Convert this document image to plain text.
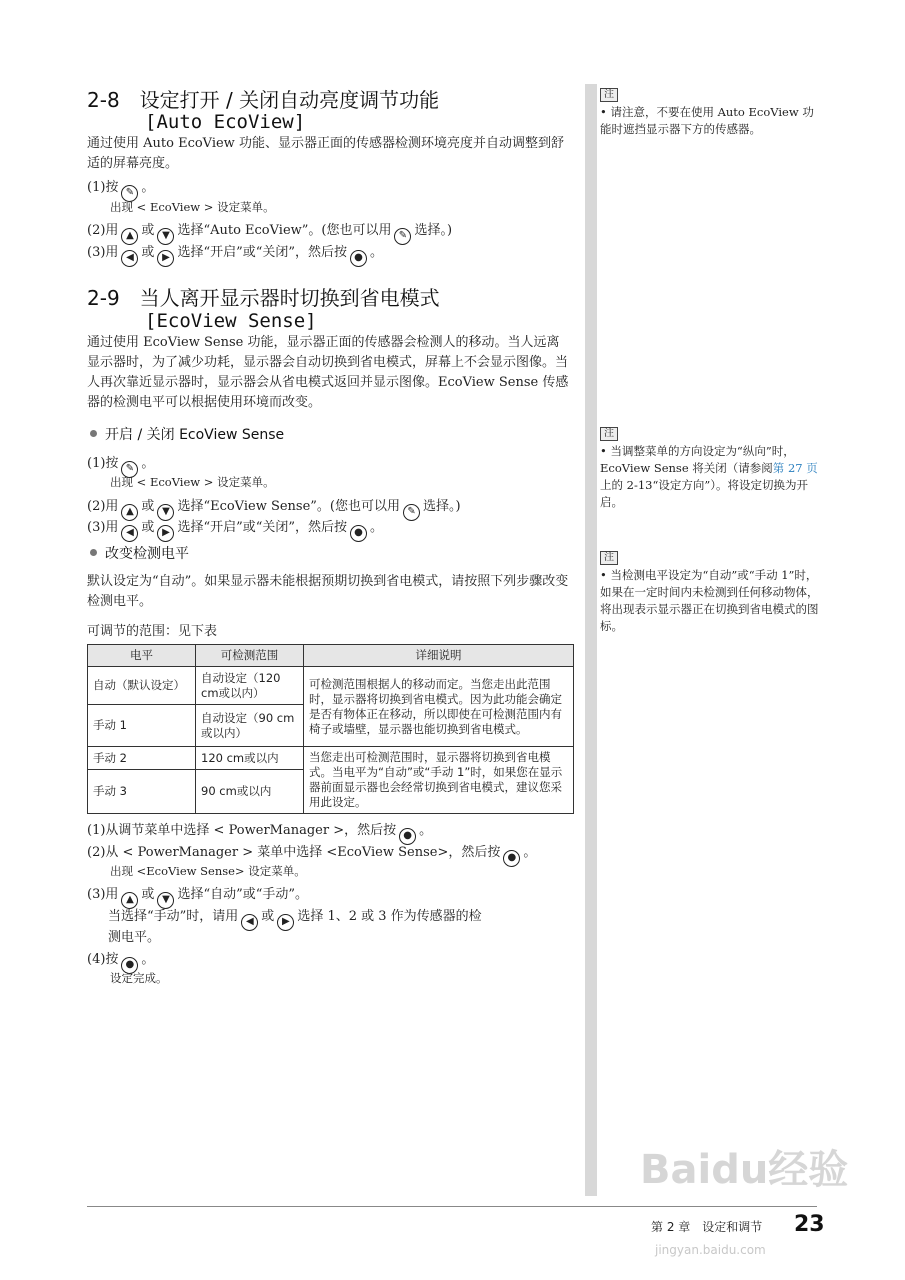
2-8　设定打开 / 关闭自动亮度调节功能
[Auto EcoView]
通过使用 Auto EcoView 功能、显示器正面的传感器检测环境亮度并自动调整到舒适的屏幕亮度。
(1)按 ✎ 。
出现 < EcoView > 设定菜单。
(2)用 ▲ 或 ▼ 选择“Auto EcoView”。(您也可以用 ✎ 选择。)
(3)用 ◀ 或 ▶ 选择“开启”或“关闭”，然后按 ● 。
2-9　当人离开显示器时切换到省电模式
[EcoView Sense]
通过使用 EcoView Sense 功能，显示器正面的传感器会检测人的移动。当人远离显示器时，为了减少功耗，显示器会自动切换到省电模式，屏幕上不会显示图像。当人再次靠近显示器时，显示器会从省电模式返回并显示图像。EcoView Sense 传感器的检测电平可以根据使用环境而改变。
开启 / 关闭 EcoView Sense
(1)按 ✎ 。
出现 < EcoView > 设定菜单。
(2)用 ▲ 或 ▼ 选择“EcoView Sense”。(您也可以用 ✎ 选择。)
(3)用 ◀ 或 ▶ 选择“开启”或“关闭”，然后按 ● 。
改变检测电平
默认设定为“自动”。如果显示器未能根据预期切换到省电模式，请按照下列步骤改变检测电平。
可调节的范围：见下表
电平	可检测范围	详细说明
自动（默认设定）	自动设定（120 cm或以内）	可检测范围根据人的移动而定。当您走出此范围时，显示器将切换到省电模式。因为此功能会确定是否有物体正在移动，所以即使在可检测范围内有椅子或墙壁，显示器也能切换到省电模式。
手动 1	自动设定（90 cm或以内）	
手动 2	120 cm或以内	当您走出可检测范围时，显示器将切换到省电模式。当电平为“自动”或“手动 1”时，如果您在显示器前面显示器也会经常切换到省电模式，建议您采用此设定。
手动 3	90 cm或以内	
(1)从调节菜单中选择 < PowerManager >，然后按 ● 。
(2)从 < PowerManager > 菜单中选择 <EcoView Sense>，然后按 ● 。
出现 <EcoView Sense> 设定菜单。
(3)用 ▲ 或 ▼ 选择“自动”或“手动”。
当选择“手动”时，请用 ◀ 或 ▶ 选择 1、2 或 3 作为传感器的检
测电平。
(4)按 ● 。
设定完成。
注
• 请注意，不要在使用 Auto EcoView 功能时遮挡显示器下方的传感器。
注
• 当调整菜单的方向设定为“纵向”时，EcoView Sense 将关闭（请参阅第 27 页上的 2-13“设定方向”）。将设定切换为开启。
注
• 当检测电平设定为“自动”或“手动 1”时，如果在一定时间内未检测到任何移动物体，将出现表示显示器正在切换到省电模式的图标。
Baidu经验
jingyan.baidu.com
第 2 章　设定和调节 23
